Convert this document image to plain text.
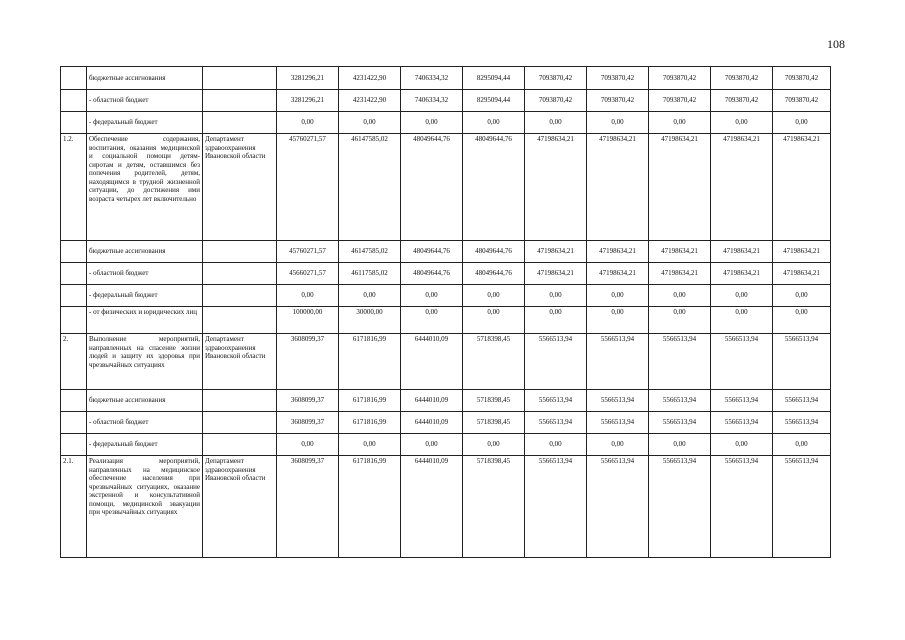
108
	бюджетные ассигнования		3281296,21	4231422,90	7406334,32	8295094,44	7093870,42	7093870,42	7093870,42	7093870,42	7093870,42
	- областной бюджет		3281296,21	4231422,90	7406334,32	8295094,44	7093870,42	7093870,42	7093870,42	7093870,42	7093870,42
	- федеральный бюджет		0,00	0,00	0,00	0,00	0,00	0,00	0,00	0,00	0,00
1.2.	Обеспечение содержания, воспитания, оказания медицинской и социальной помощи детям-сиротам и детям, оставшимся без попечения родителей, детям, находящимся в трудной жизненной ситуации, до достижения ими возраста четырех лет включительно	Департамент здравоохранения Ивановской области	45760271,57	46147585,02	48049644,76	48049644,76	47198634,21	47198634,21	47198634,21	47198634,21	47198634,21
	бюджетные ассигнования		45760271,57	46147585,02	48049644,76	48049644,76	47198634,21	47198634,21	47198634,21	47198634,21	47198634,21
	- областной бюджет		45660271,57	46117585,02	48049644,76	48049644,76	47198634,21	47198634,21	47198634,21	47198634,21	47198634,21
	- федеральный бюджет		0,00	0,00	0,00	0,00	0,00	0,00	0,00	0,00	0,00
	- от физических и юридических лиц		100000,00	30000,00	0,00	0,00	0,00	0,00	0,00	0,00	0,00
2.	Выполнение мероприятий, направленных на спасение жизни людей и защиту их здоровья при чрезвычайных ситуациях	Департамент здравоохранения Ивановской области	3608099,37	6171816,99	6444010,09	5718398,45	5566513,94	5566513,94	5566513,94	5566513,94	5566513,94
	бюджетные ассигнования		3608099,37	6171816,99	6444010,09	5718398,45	5566513,94	5566513,94	5566513,94	5566513,94	5566513,94
	- областной бюджет		3608099,37	6171816,99	6444010,09	5718398,45	5566513,94	5566513,94	5566513,94	5566513,94	5566513,94
	- федеральный бюджет		0,00	0,00	0,00	0,00	0,00	0,00	0,00	0,00	0,00
2.1.	Реализация мероприятий, направленных на медицинское обеспечение населения при чрезвычайных ситуациях, оказание экстренной и консультативной помощи, медицинской эвакуации при чрезвычайных ситуациях	Департамент здравоохранения Ивановской области	3608099,37	6171816,99	6444010,09	5718398,45	5566513,94	5566513,94	5566513,94	5566513,94	5566513,94
